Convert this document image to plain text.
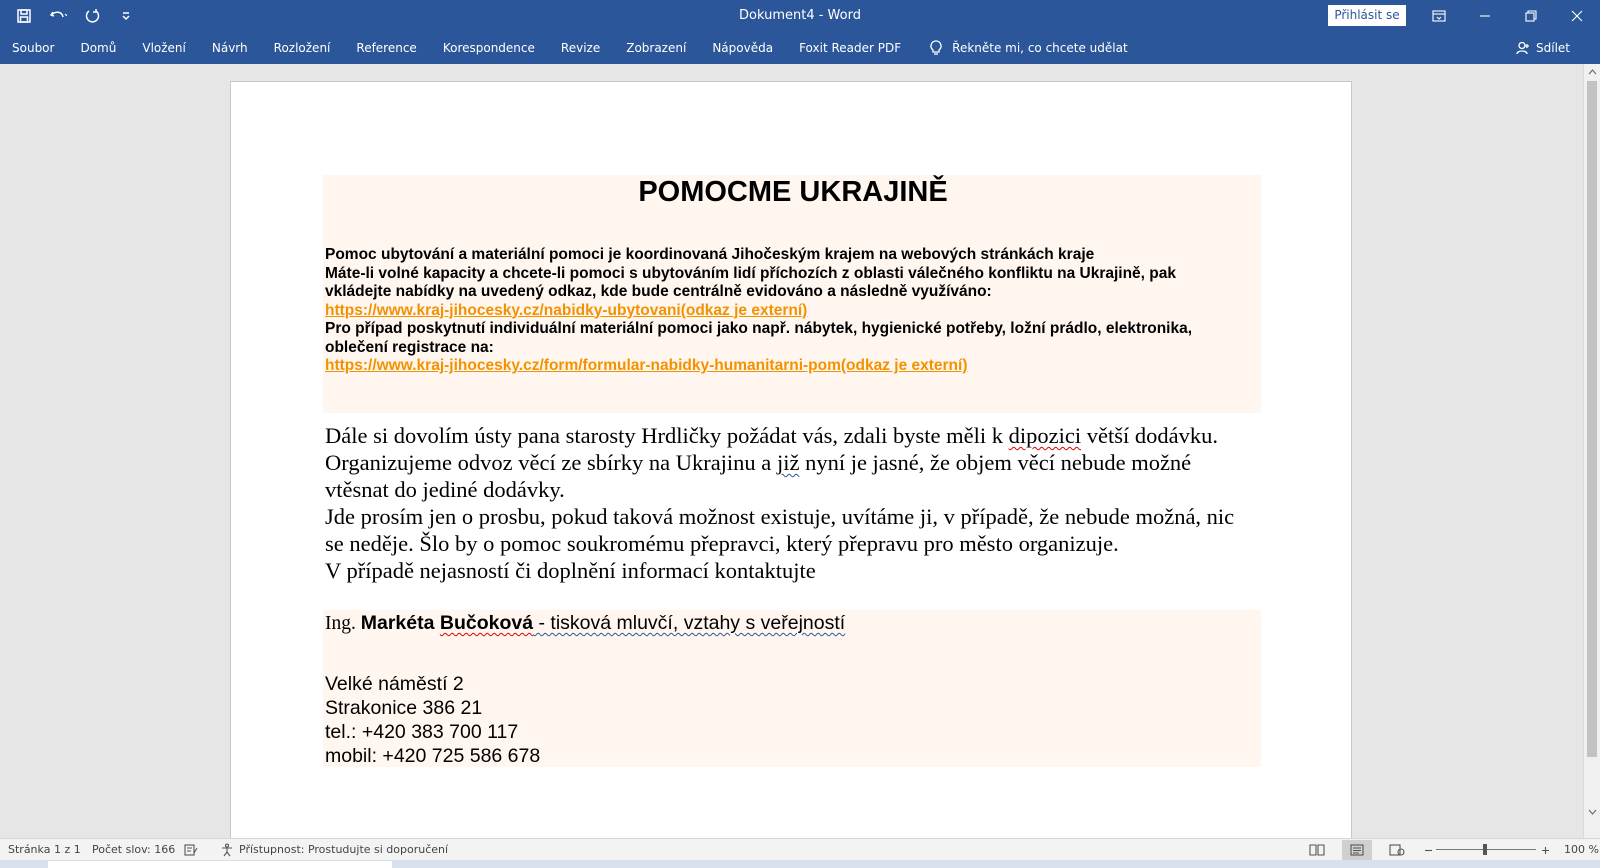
Dokument4 - Word	Přihlásit se
Soubor	Domů	Vložení	Návrh	Rozložení	Reference	Korespondence	Revize	Zobrazení	Nápověda	Foxit Reader PDF	Řekněte mi, co chcete udělat	Sdílet
POMOCME UKRAJINĚ
Pomoc ubytování a materiální pomoci je koordinovaná Jihočeským krajem na webových stránkách kraje
Máte-li volné kapacity a chcete-li pomoci s ubytováním lidí příchozích z oblasti válečného konfliktu na Ukrajině, pak vkládejte nabídky na uvedený odkaz, kde bude centrálně evidováno a následně využíváno:
https://www.kraj-jihocesky.cz/nabidky-ubytovani(odkaz je externí)
Pro případ poskytnutí individuální materiální pomoci jako např. nábytek, hygienické potřeby, ložní prádlo, elektronika, oblečení registrace na:
https://www.kraj-jihocesky.cz/form/formular-nabidky-humanitarni-pom(odkaz je externí)
Dále si dovolím ústy pana starosty Hrdličky požádat vás, zdali byste měli k dipozici větší dodávku. Organizujeme odvoz věcí ze sbírky na Ukrajinu a již nyní je jasné, že objem věcí nebude možné vtěsnat do jediné dodávky.
Jde prosím jen o prosbu, pokud taková možnost existuje, uvítáme ji, v případě, že nebude možná, nic se neděje. Šlo by o pomoc soukromému přepravci, který přepravu pro město organizuje.
V případě nejasností či doplnění informací kontaktujte
Ing. Markéta Bučoková - tisková mluvčí, vztahy s veřejností
Velké náměstí 2
Strakonice 386 21
tel.: +420 383 700 117
mobil: +420 725 586 678
Stránka 1 z 1 Počet slov: 166	Přístupnost: Prostudujte si doporučení	100 %
